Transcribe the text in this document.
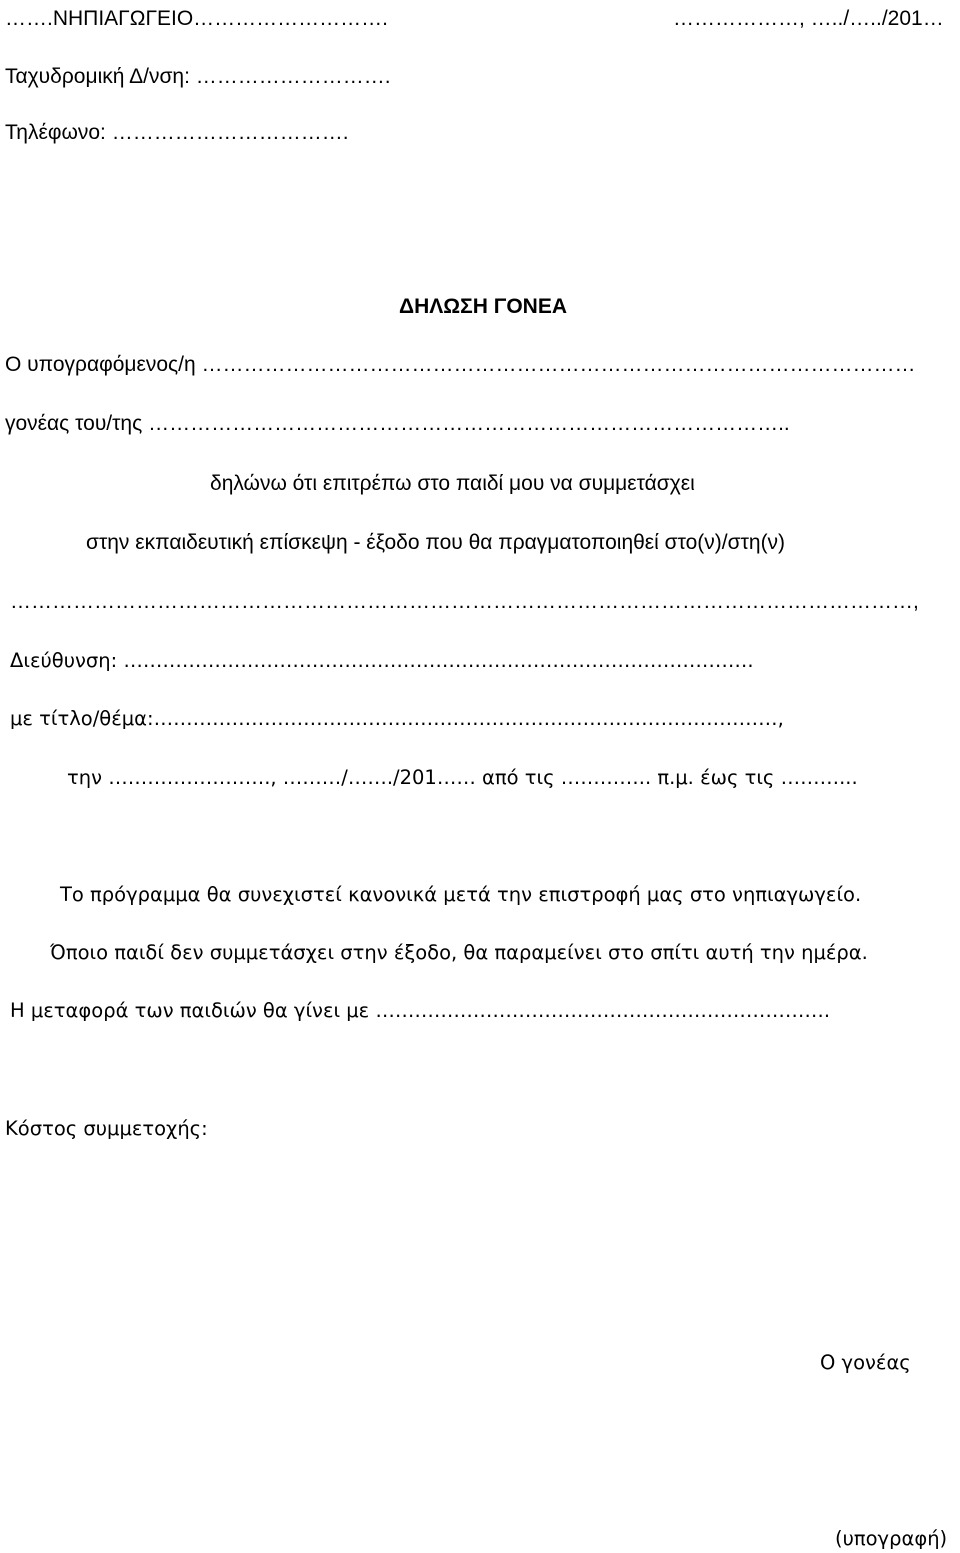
…….ΝΗΠΙΑΓΩΓΕΙΟ……………………….	………………, …../…../201…
Ταχυδρομική Δ/νση: ……………………….
Τηλέφωνο: …………………………….
ΔΗΛΩΣΗ ΓΟΝΕΑ
Ο υπογραφόμενος/η …………………………………………………………………………………………
γονέας του/της ………………………………………………………………………………..
δηλώνω ότι επιτρέπω στο παιδί μου να συμμετάσχει
στην εκπαιδευτική επίσκεψη - έξοδο που θα πραγματοποιηθεί στο(ν)/στη(ν)
…………………………………………………………………………………………………………………,
Διεύθυνση: …………………………………………………………………………………….
με τίτλο/θέμα:……………………………………………………………………………………,
την ……………………., ………/……./201…… από τις ………….. π.μ. έως τις ………...
Το πρόγραμμα θα συνεχιστεί κανονικά μετά την επιστροφή μας στο νηπιαγωγείο.
Όποιο παιδί δεν συμμετάσχει στην έξοδο, θα παραμείνει στο σπίτι αυτή την ημέρα.
Η μεταφορά των παιδιών θα γίνει με …………………………………………………………….
Κόστος συμμετοχής:
Ο γονέας
(υπογραφή)
